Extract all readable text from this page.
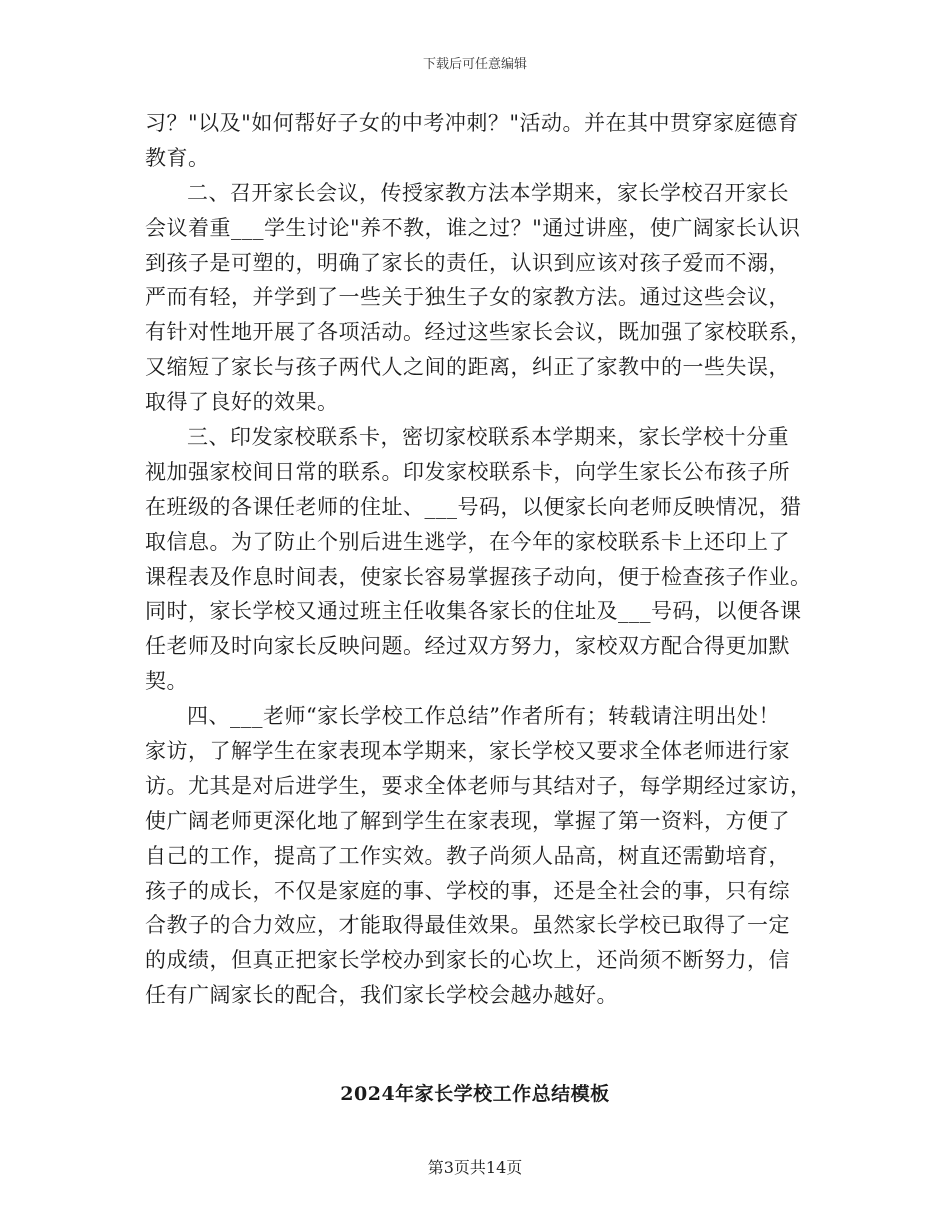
下载后可任意编辑
习？"以及"如何帮好子女的中考冲刺？"活动。并在其中贯穿家庭德育
教育。
二、召开家长会议，传授家教方法本学期来，家长学校召开家长
会议着重___学生讨论"养不教，谁之过？"通过讲座，使广阔家长认识
到孩子是可塑的，明确了家长的责任，认识到应该对孩子爱而不溺，
严而有轻，并学到了一些关于独生子女的家教方法。通过这些会议，
有针对性地开展了各项活动。经过这些家长会议，既加强了家校联系，
又缩短了家长与孩子两代人之间的距离，纠正了家教中的一些失误，
取得了良好的效果。
三、印发家校联系卡，密切家校联系本学期来，家长学校十分重
视加强家校间日常的联系。印发家校联系卡，向学生家长公布孩子所
在班级的各课任老师的住址、___号码，以便家长向老师反映情况，猎
取信息。为了防止个别后进生逃学，在今年的家校联系卡上还印上了
课程表及作息时间表，使家长容易掌握孩子动向，便于检查孩子作业。
同时，家长学校又通过班主任收集各家长的住址及___号码，以便各课
任老师及时向家长反映问题。经过双方努力，家校双方配合得更加默
契。
四、___老师“家长学校工作总结”作者所有；转载请注明出处！
家访，了解学生在家表现本学期来，家长学校又要求全体老师进行家
访。尤其是对后进学生，要求全体老师与其结对子，每学期经过家访，
使广阔老师更深化地了解到学生在家表现，掌握了第一资料，方便了
自己的工作，提高了工作实效。教子尚须人品高，树直还需勤培育，
孩子的成长，不仅是家庭的事、学校的事，还是全社会的事，只有综
合教子的合力效应，才能取得最佳效果。虽然家长学校已取得了一定
的成绩，但真正把家长学校办到家长的心坎上，还尚须不断努力，信
任有广阔家长的配合，我们家长学校会越办越好。
2024年家长学校工作总结模板
第3页共14页
